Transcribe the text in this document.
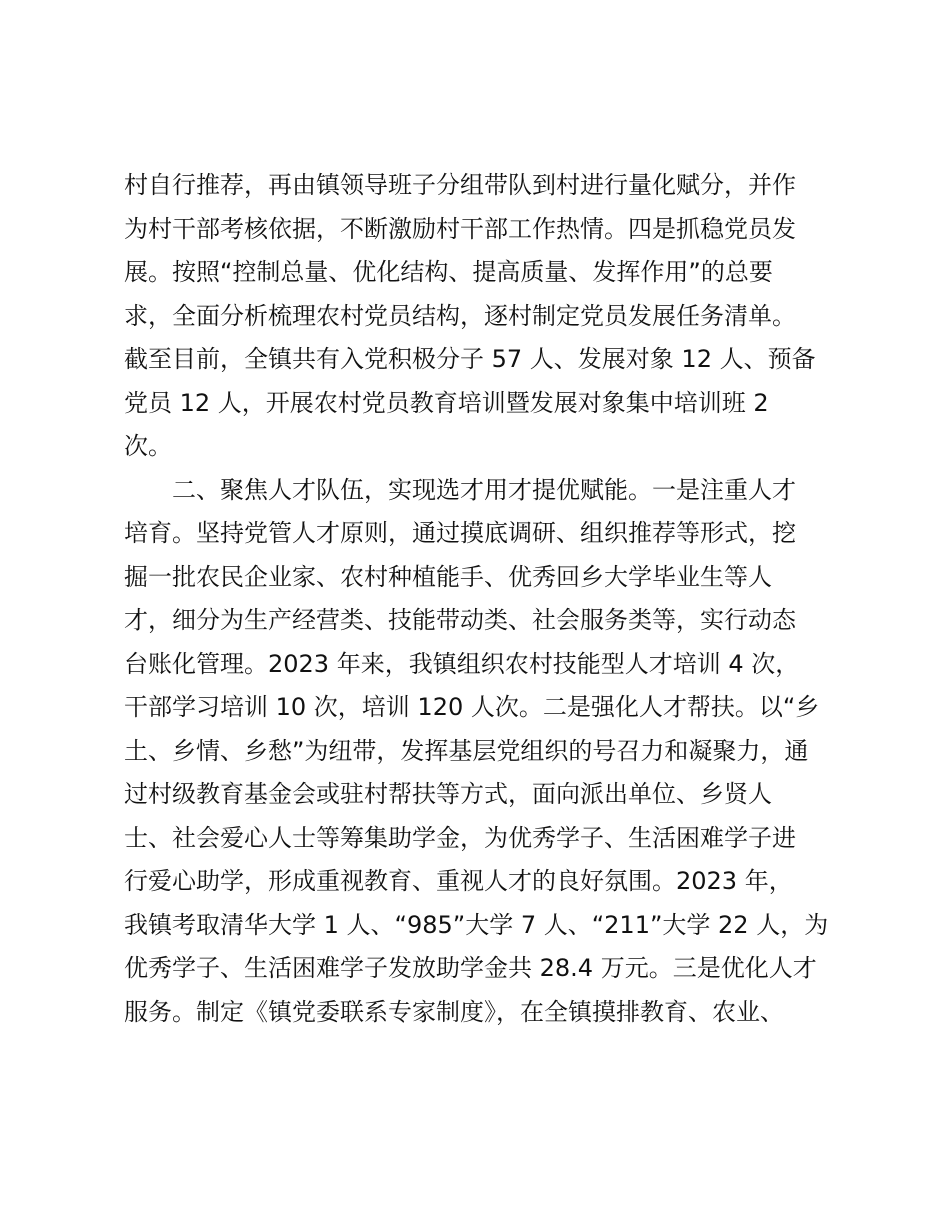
村自行推荐，再由镇领导班子分组带队到村进行量化赋分，并作
为村干部考核依据，不断激励村干部工作热情。四是抓稳党员发
展。按照“控制总量、优化结构、提高质量、发挥作用”的总要
求，全面分析梳理农村党员结构，逐村制定党员发展任务清单。
截至目前，全镇共有入党积极分子 57 人、发展对象 12 人、预备
党员 12 人，开展农村党员教育培训暨发展对象集中培训班 2
次。
二、聚焦人才队伍，实现选才用才提优赋能。一是注重人才
培育。坚持党管人才原则，通过摸底调研、组织推荐等形式，挖
掘一批农民企业家、农村种植能手、优秀回乡大学毕业生等人
才，细分为生产经营类、技能带动类、社会服务类等，实行动态
台账化管理。2023 年来，我镇组织农村技能型人才培训 4 次，
干部学习培训 10 次，培训 120 人次。二是强化人才帮扶。以“乡
土、乡情、乡愁”为纽带，发挥基层党组织的号召力和凝聚力，通
过村级教育基金会或驻村帮扶等方式，面向派出单位、乡贤人
士、社会爱心人士等筹集助学金，为优秀学子、生活困难学子进
行爱心助学，形成重视教育、重视人才的良好氛围。2023 年，
我镇考取清华大学 1 人、“985”大学 7 人、“211”大学 22 人，为
优秀学子、生活困难学子发放助学金共 28.4 万元。三是优化人才
服务。制定《镇党委联系专家制度》，在全镇摸排教育、农业、
